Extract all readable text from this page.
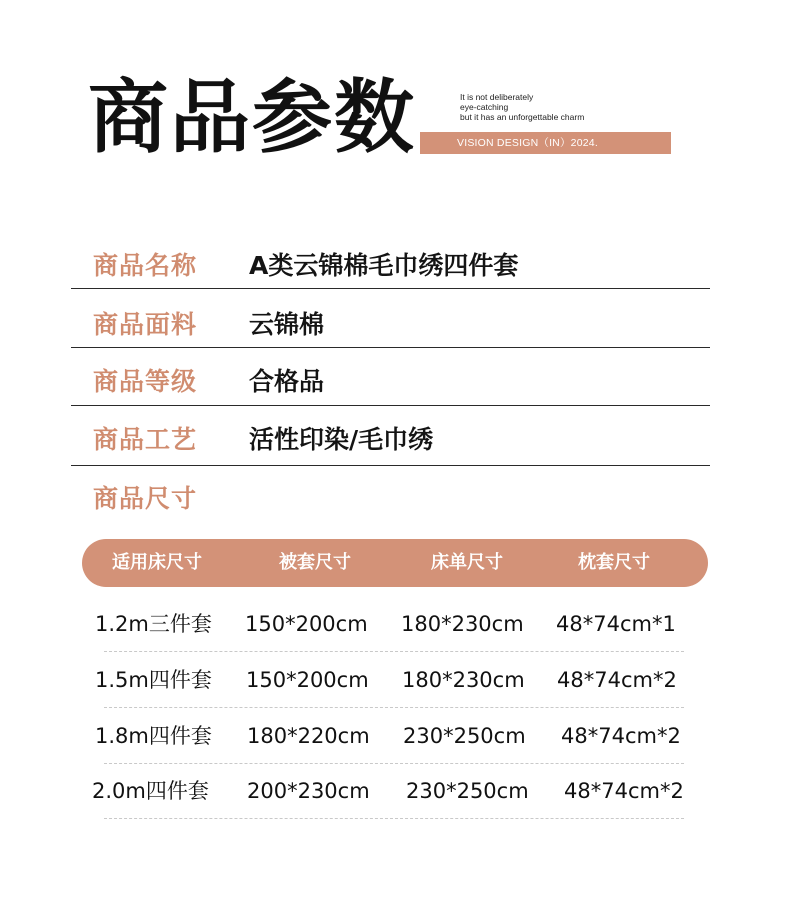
商品参数	It is not deliberately
eye-catching
but it has an unforgettable charm
VISION DESIGN（IN）2024.
商品名称 A类云锦棉毛巾绣四件套
商品面料 云锦棉
商品等级 合格品
商品工艺 活性印染/毛巾绣
商品尺寸
适用床尺寸	被套尺寸	床单尺寸	枕套尺寸
1.2m三件套 150*200cm 180*230cm 48*74cm*1
1.5m四件套 150*200cm 180*230cm 48*74cm*2
1.8m四件套 180*220cm 230*250cm 48*74cm*2
2.0m四件套 200*230cm 230*250cm 48*74cm*2
